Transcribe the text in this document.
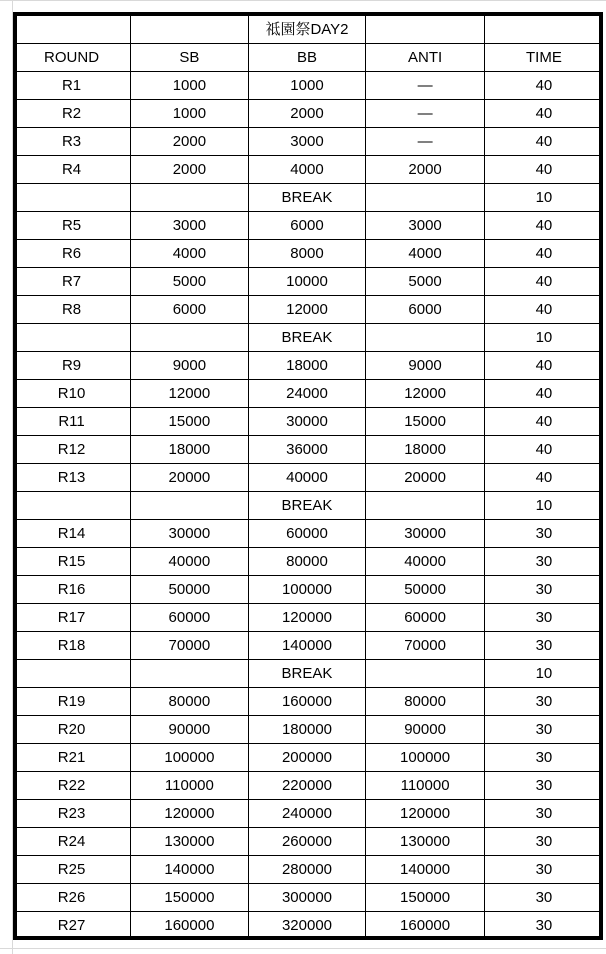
		祗園祭DAY2		
ROUND	SB	BB	ANTI	TIME
R1	1000	1000	—	40
R2	1000	2000	—	40
R3	2000	3000	—	40
R4	2000	4000	2000	40
		BREAK		10
R5	3000	6000	3000	40
R6	4000	8000	4000	40
R7	5000	10000	5000	40
R8	6000	12000	6000	40
		BREAK		10
R9	9000	18000	9000	40
R10	12000	24000	12000	40
R11	15000	30000	15000	40
R12	18000	36000	18000	40
R13	20000	40000	20000	40
		BREAK		10
R14	30000	60000	30000	30
R15	40000	80000	40000	30
R16	50000	100000	50000	30
R17	60000	120000	60000	30
R18	70000	140000	70000	30
		BREAK		10
R19	80000	160000	80000	30
R20	90000	180000	90000	30
R21	100000	200000	100000	30
R22	110000	220000	110000	30
R23	120000	240000	120000	30
R24	130000	260000	130000	30
R25	140000	280000	140000	30
R26	150000	300000	150000	30
R27	160000	320000	160000	30
